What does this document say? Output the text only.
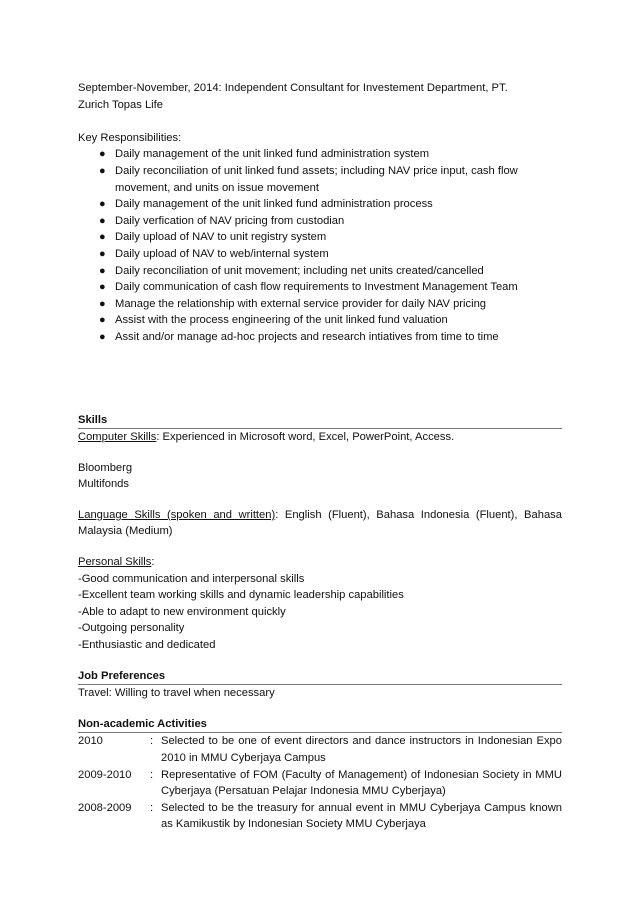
September-November, 2014: Independent Consultant for Investement Department, PT.

Zurich Topas Life

Key Responsibilities:

● Daily management of the unit linked fund administration system
● Daily reconciliation of unit linked fund assets; including NAV price input, cash flow movement, and units on issue movement
● Daily management of the unit linked fund administration process
● Daily verfication of NAV pricing from custodian
● Daily upload of NAV to unit registry system
● Daily upload of NAV to web/internal system
● Daily reconciliation of unit movement; including net units created/cancelled
● Daily communication of cash flow requirements to Investment Management Team
● Manage the relationship with external service provider for daily NAV pricing
● Assist with the process engineering of the unit linked fund valuation
● Assit and/or manage ad-hoc projects and research intiatives from time to time

Skills

Computer Skills: Experienced in Microsoft word, Excel, PowerPoint, Access.

Bloomberg

Multifonds

Language Skills (spoken and written): English (Fluent), Bahasa Indonesia (Fluent), Bahasa Malaysia (Medium)

Personal Skills:

-Good communication and interpersonal skills

-Excellent team working skills and dynamic leadership capabilities

-Able to adapt to new environment quickly

-Outgoing personality

-Enthusiastic and dedicated

Job Preferences

Travel: Willing to travel when necessary

Non-academic Activities

2010	:	Selected to be one of event directors and dance instructors in Indonesian Expo 2010 in MMU Cyberjaya Campus
2009-2010	:	Representative of FOM (Faculty of Management) of Indonesian Society in MMU Cyberjaya (Persatuan Pelajar Indonesia MMU Cyberjaya)
2008-2009	:	Selected to be the treasury for annual event in MMU Cyberjaya Campus known as Kamikustik by Indonesian Society MMU Cyberjaya
